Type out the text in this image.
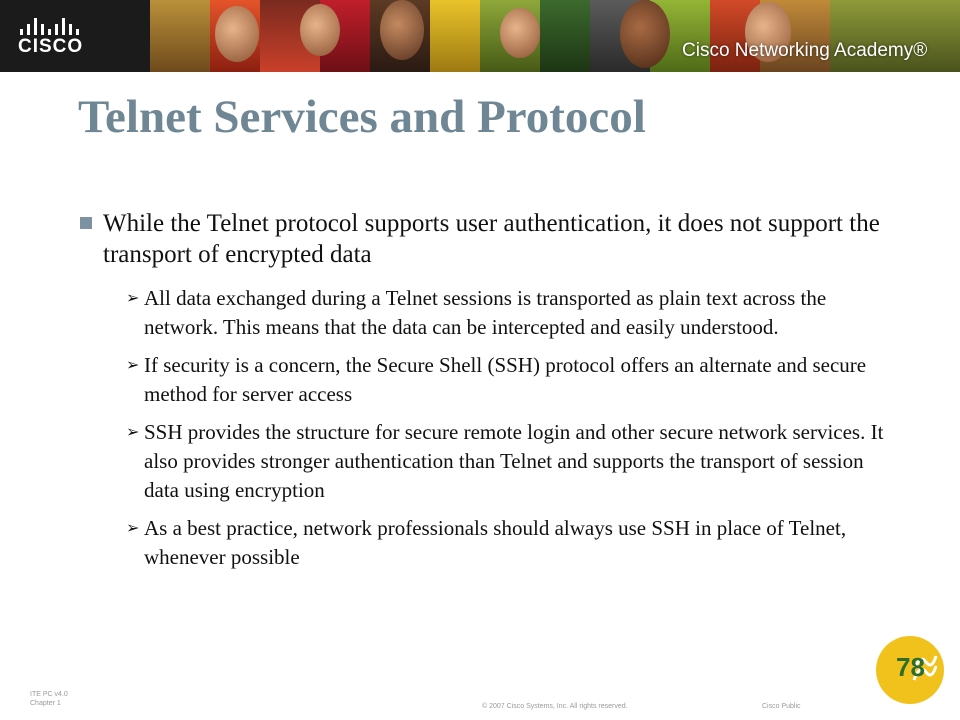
CISCO	Cisco Networking Academy®
Telnet Services and Protocol
While the Telnet protocol supports user authentication, it does not support the transport of encrypted data
➢ All data exchanged during a Telnet sessions is transported as plain text across the network. This means that the data can be intercepted and easily understood.
➢ If security is a concern, the Secure Shell (SSH) protocol offers an alternate and secure method for server access
➢ SSH provides the structure for secure remote login and other secure network services. It also provides stronger authentication than Telnet and supports the transport of session data using encryption
➢ As a best practice, network professionals should always use SSH in place of Telnet, whenever possible
ITE PC v4.0
Chapter 1	© 2007 Cisco Systems, Inc. All rights reserved.	Cisco Public
78
